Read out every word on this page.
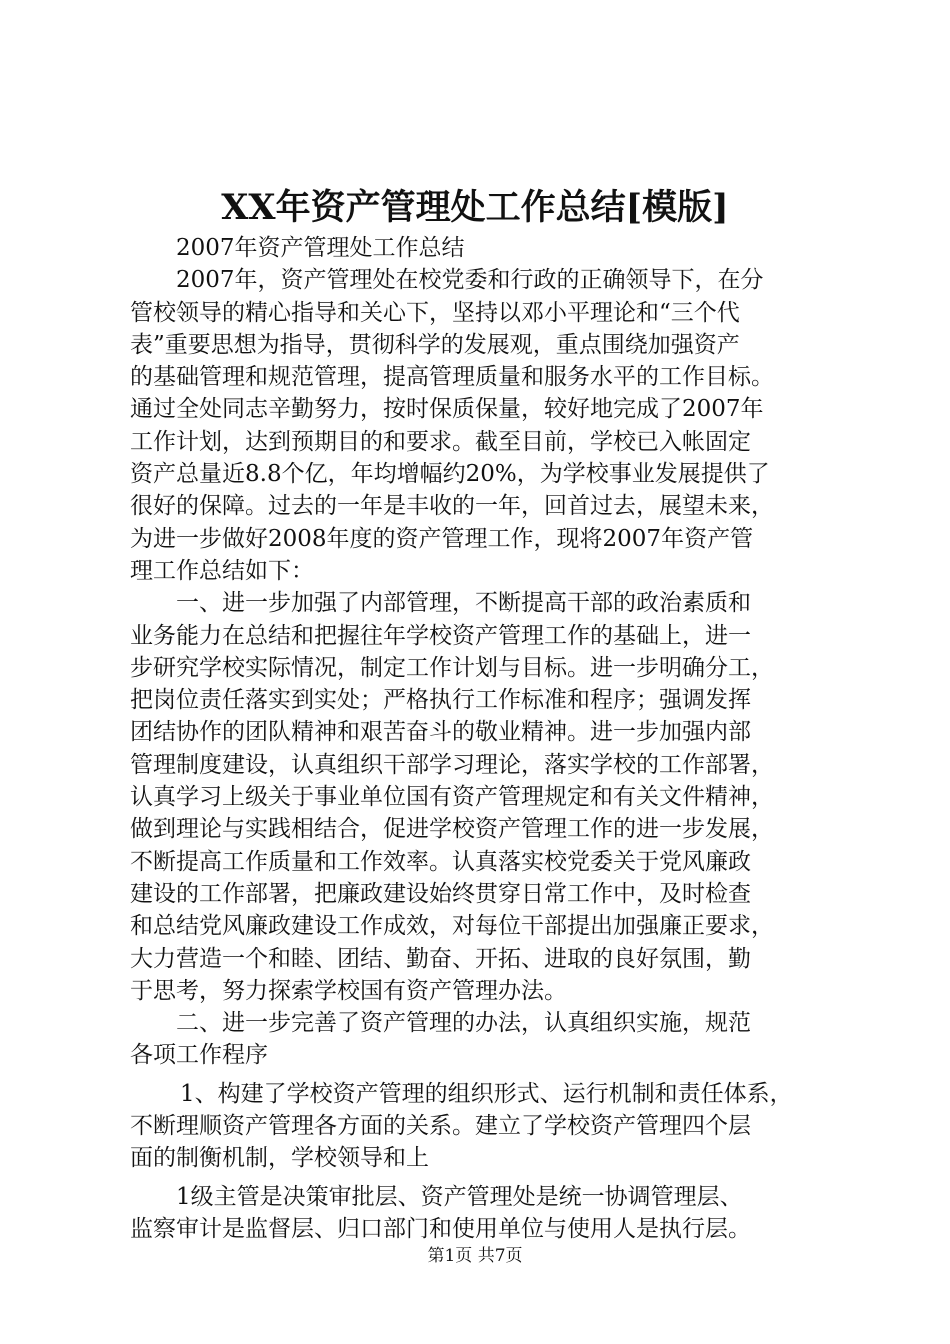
XX年资产管理处工作总结[模版]
2007年资产管理处工作总结
2007年，资产管理处在校党委和行政的正确领导下，在分
管校领导的精心指导和关心下，坚持以邓小平理论和“三个代
表”重要思想为指导，贯彻科学的发展观，重点围绕加强资产
的基础管理和规范管理，提高管理质量和服务水平的工作目标。
通过全处同志辛勤努力，按时保质保量，较好地完成了2007年
工作计划，达到预期目的和要求。截至目前，学校已入帐固定
资产总量近8.8个亿，年均增幅约20%，为学校事业发展提供了
很好的保障。过去的一年是丰收的一年，回首过去，展望未来，
为进一步做好2008年度的资产管理工作，现将2007年资产管
理工作总结如下：
一、进一步加强了内部管理，不断提高干部的政治素质和
业务能力在总结和把握往年学校资产管理工作的基础上，进一
步研究学校实际情况，制定工作计划与目标。进一步明确分工，
把岗位责任落实到实处；严格执行工作标准和程序；强调发挥
团结协作的团队精神和艰苦奋斗的敬业精神。进一步加强内部
管理制度建设，认真组织干部学习理论，落实学校的工作部署，
认真学习上级关于事业单位国有资产管理规定和有关文件精神，
做到理论与实践相结合，促进学校资产管理工作的进一步发展，
不断提高工作质量和工作效率。认真落实校党委关于党风廉政
建设的工作部署，把廉政建设始终贯穿日常工作中，及时检查
和总结党风廉政建设工作成效，对每位干部提出加强廉正要求，
大力营造一个和睦、团结、勤奋、开拓、进取的良好氛围，勤
于思考，努力探索学校国有资产管理办法。
二、进一步完善了资产管理的办法，认真组织实施，规范
各项工作程序
1、构建了学校资产管理的组织形式、运行机制和责任体系，
不断理顺资产管理各方面的关系。建立了学校资产管理四个层
面的制衡机制，学校领导和上
1级主管是决策审批层、资产管理处是统一协调管理层、
监察审计是监督层、归口部门和使用单位与使用人是执行层。
第1页 共7页
